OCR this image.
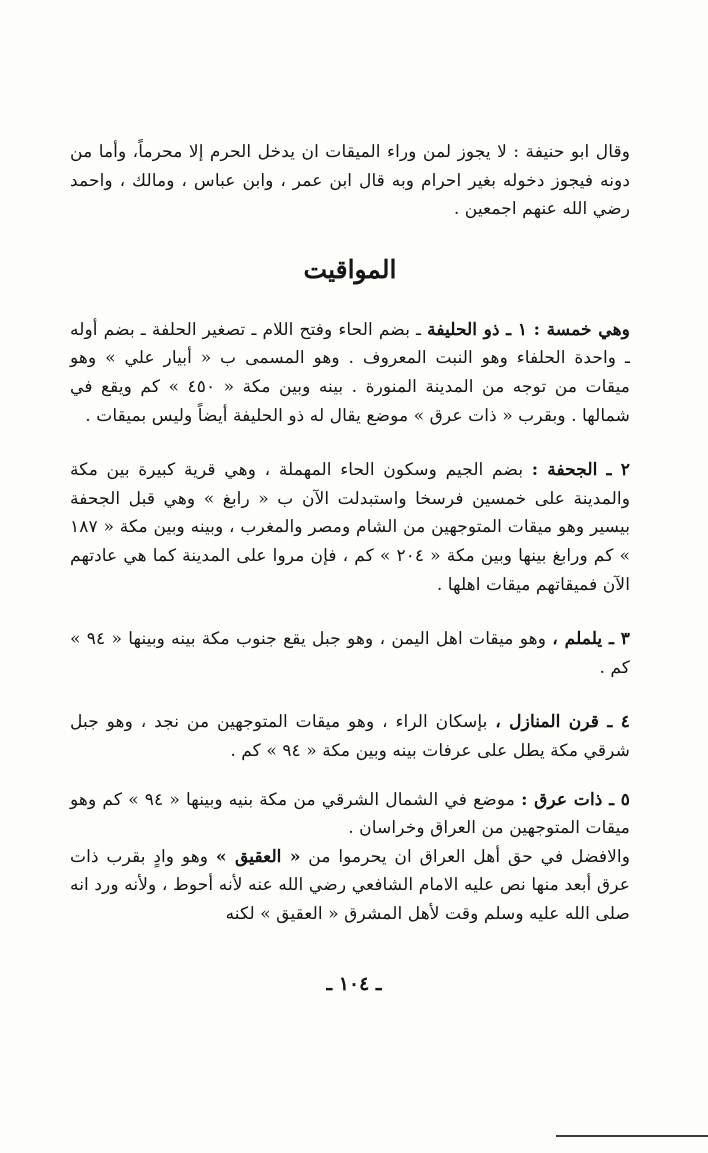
وقال ابو حنيفة : لا يجوز لمن وراء الميقات ان يدخل الحرم إلا محرماً، وأما من دونه فيجوز دخوله بغير احرام وبه قال ابن عمر ، وابن عباس ، ومالك ، واحمد رضي الله عنهم اجمعين .

المواقيت

وهي خمسة : ١ ـ ذو الحليفة ـ بضم الحاء وفتح اللام ـ تصغير الحلفة ـ بضم أوله ـ واحدة الحلفاء وهو النبت المعروف . وهو المسمى ب « أبيار علي » وهو ميقات من توجه من المدينة المنورة . بينه وبين مكة « ٤٥٠ » كم ويقع في شمالها . وبقرب « ذات عرق » موضع يقال له ذو الحليفة أيضاً وليس بميقات .

٢ ـ الجحفة : بضم الجيم وسكون الحاء المهملة ، وهي قرية كبيرة بين مكة والمدينة على خمسين فرسخا واستبدلت الآن ب « رابغ » وهي قبل الجحفة بيسير وهو ميقات المتوجهين من الشام ومصر والمغرب ، وبينه وبين مكة « ١٨٧ » كم ورابغ بينها وبين مكة « ٢٠٤ » كم ، فإن مروا على المدينة كما هي عادتهم الآن فميقاتهم ميقات اهلها .

٣ ـ يلملم ، وهو ميقات اهل اليمن ، وهو جبل يقع جنوب مكة بينه وبينها « ٩٤ » كم .

٤ ـ قرن المنازل ، بإسكان الراء ، وهو ميقات المتوجهين من نجد ، وهو جبل شرقي مكة يطل على عرفات بينه وبين مكة « ٩٤ » كم .

٥ ـ ذات عرق : موضع في الشمال الشرقي من مكة بنيه وبينها « ٩٤ » كم وهو ميقات المتوجهين من العراق وخراسان .

والافضل في حق أهل العراق ان يحرموا من « العقيق » وهو وادٍ بقرب ذات عرق أبعد منها نص عليه الامام الشافعي رضي الله عنه لأنه أحوط ، ولأنه ورد انه صلى الله عليه وسلم وقت لأهل المشرق « العقيق » لكنه

ـ ١٠٤ ـ
